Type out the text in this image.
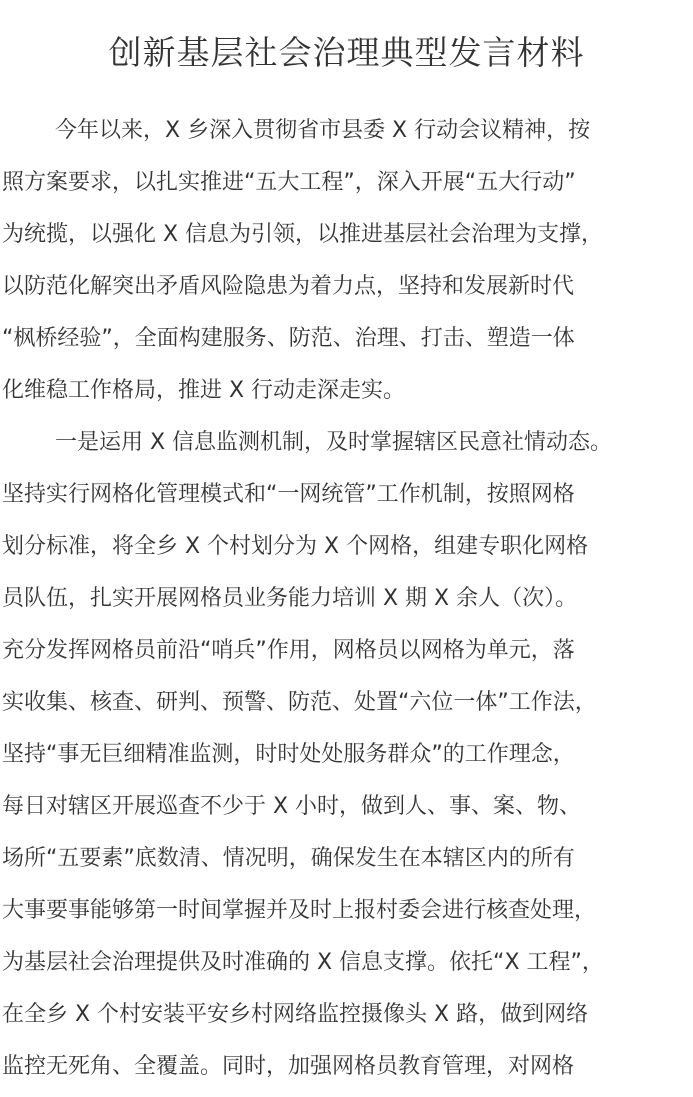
创新基层社会治理典型发言材料
今年以来，X 乡深入贯彻省市县委 X 行动会议精神，按
照方案要求，以扎实推进“五大工程”，深入开展“五大行动”
为统揽，以强化 X 信息为引领，以推进基层社会治理为支撑，
以防范化解突出矛盾风险隐患为着力点，坚持和发展新时代
“枫桥经验”，全面构建服务、防范、治理、打击、塑造一体
化维稳工作格局，推进 X 行动走深走实。
一是运用 X 信息监测机制，及时掌握辖区民意社情动态。
坚持实行网格化管理模式和“一网统管”工作机制，按照网格
划分标准，将全乡 X 个村划分为 X 个网格，组建专职化网格
员队伍，扎实开展网格员业务能力培训 X 期 X 余人（次）。
充分发挥网格员前沿“哨兵”作用，网格员以网格为单元，落
实收集、核查、研判、预警、防范、处置“六位一体”工作法，
坚持“事无巨细精准监测，时时处处服务群众”的工作理念，
每日对辖区开展巡查不少于 X 小时，做到人、事、案、物、
场所“五要素”底数清、情况明，确保发生在本辖区内的所有
大事要事能够第一时间掌握并及时上报村委会进行核查处理，
为基层社会治理提供及时准确的 X 信息支撑。依托“X 工程”，
在全乡 X 个村安装平安乡村网络监控摄像头 X 路，做到网络
监控无死角、全覆盖。同时，加强网格员教育管理，对网格
